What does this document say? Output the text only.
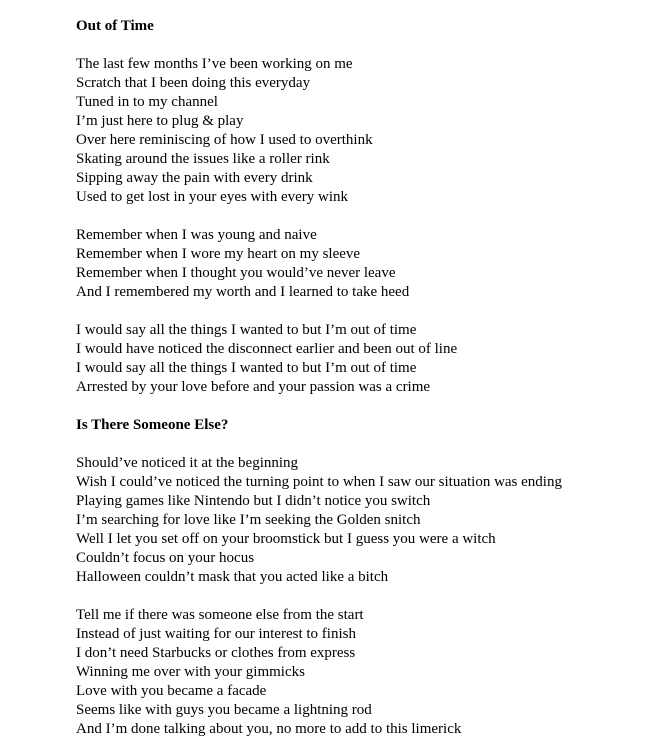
Out of Time
The last few months I’ve been working on me
Scratch that I been doing this everyday
Tuned in to my channel
I’m just here to plug & play
Over here reminiscing of how I used to overthink
Skating around the issues like a roller rink
Sipping away the pain with every drink
Used to get lost in your eyes with every wink
Remember when I was young and naive
Remember when I wore my heart on my sleeve
Remember when I thought you would’ve never leave
And I remembered my worth and I learned to take heed
I would say all the things I wanted to but I’m out of time
I would have noticed the disconnect earlier and been out of line
I would say all the things I wanted to but I’m out of time
Arrested by your love before and your passion was a crime
Is There Someone Else?
Should’ve noticed it at the beginning
Wish I could’ve noticed the turning point to when I saw our situation was ending
Playing games like Nintendo but I didn’t notice you switch
I’m searching for love like I’m seeking the Golden snitch
Well I let you set off on your broomstick but I guess you were a witch
Couldn’t focus on your hocus
Halloween couldn’t mask that you acted like a bitch
Tell me if there was someone else from the start
Instead of just waiting for our interest to finish
I don’t need Starbucks or clothes from express
Winning me over with your gimmicks
Love with you became a facade
Seems like with guys you became a lightning rod
And I’m done talking about you, no more to add to this limerick
